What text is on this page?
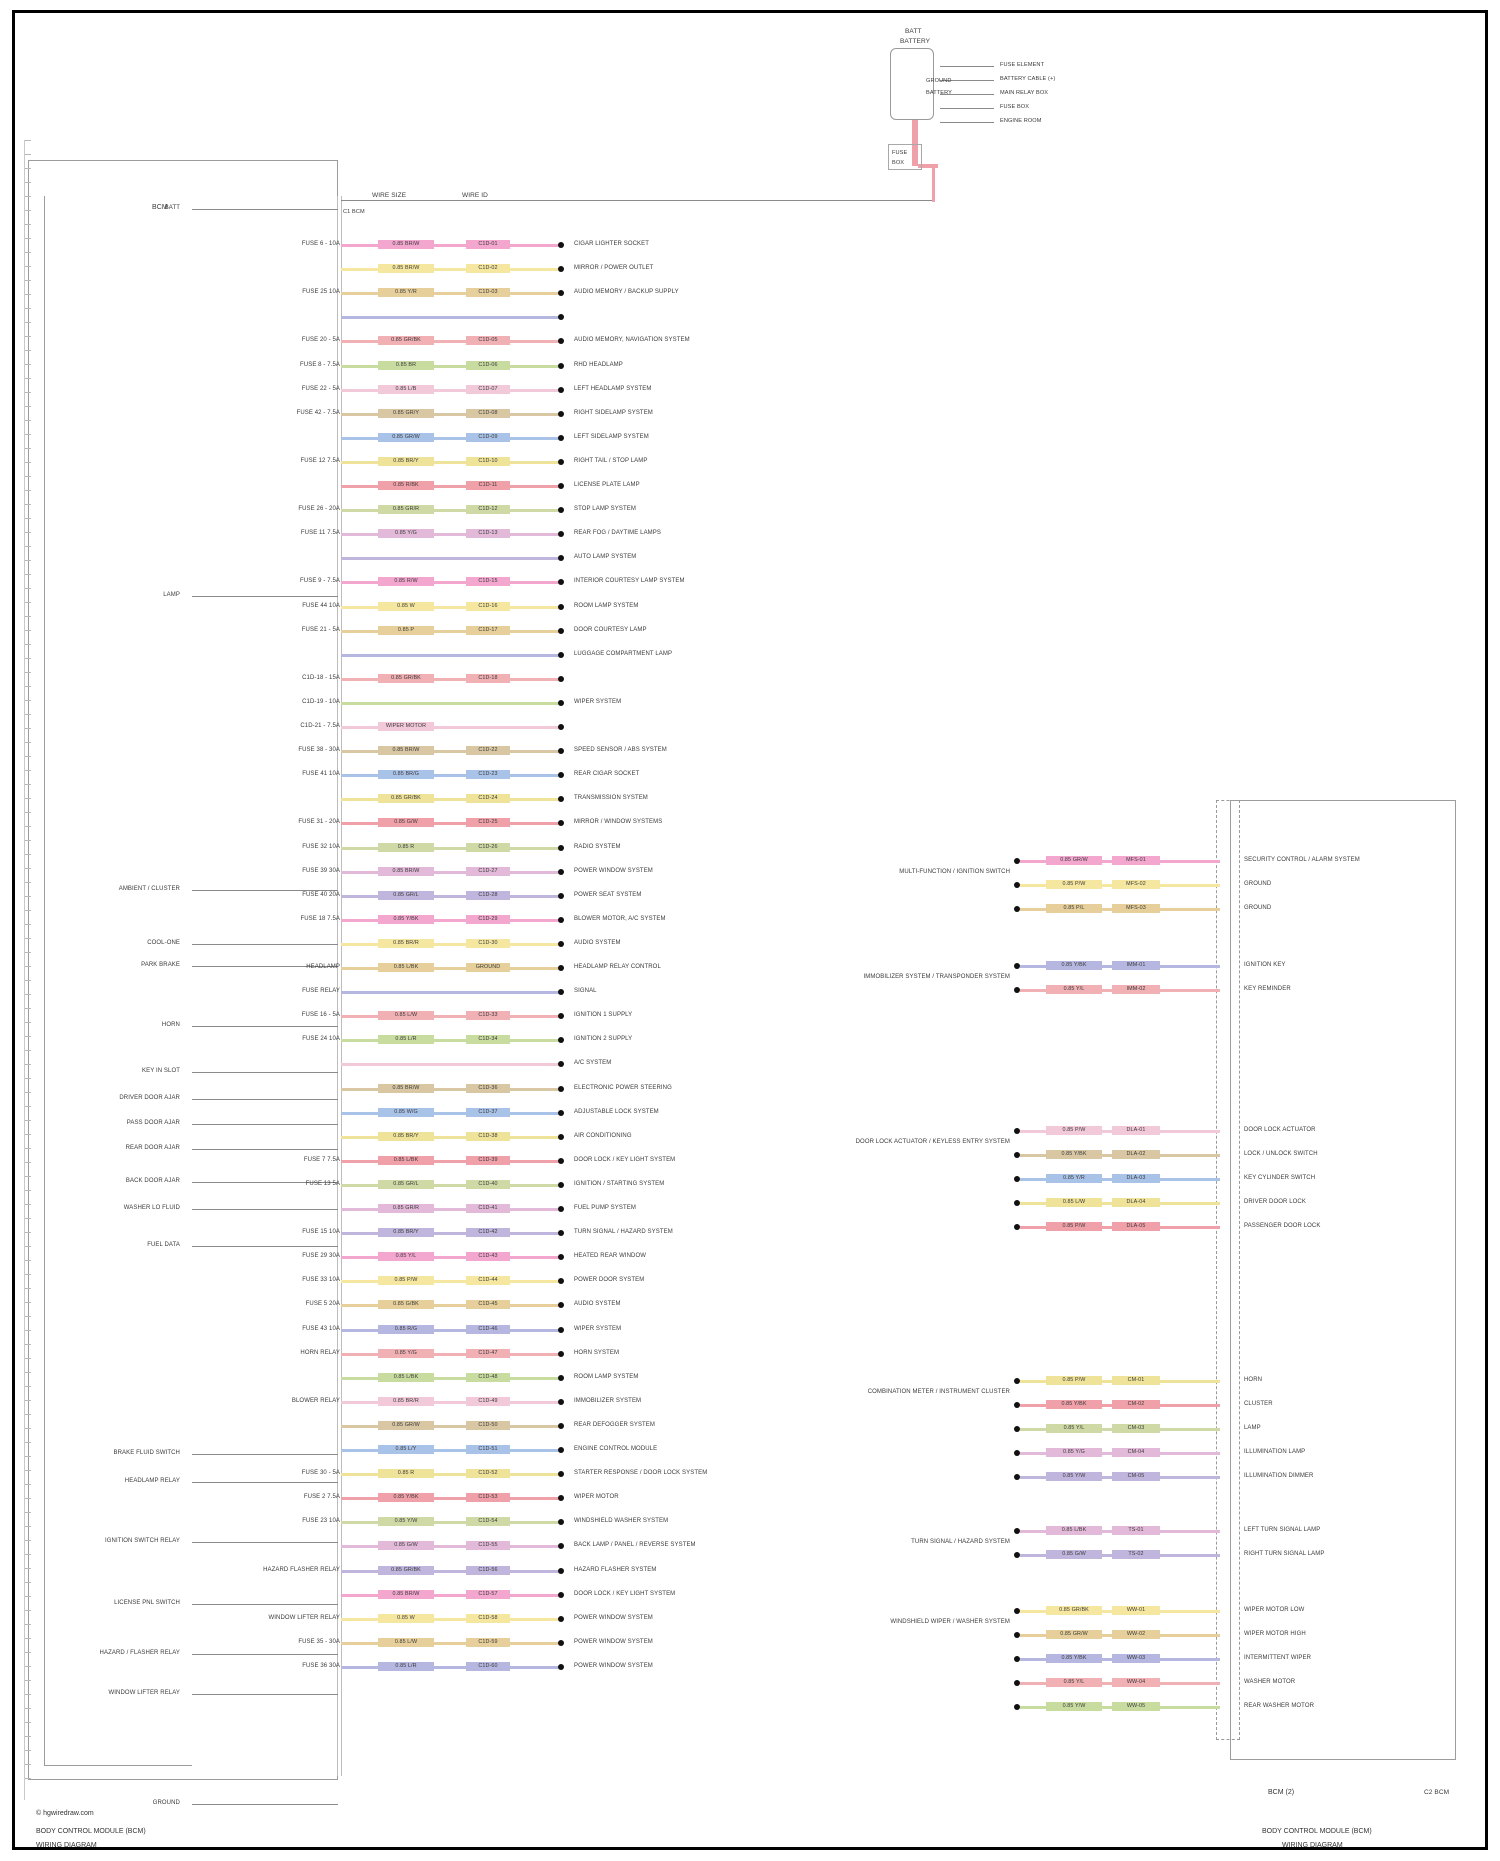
BCM
BATT
LAMP
AMBIENT / CLUSTER
COOL-ONE
PARK BRAKE
HORN
KEY IN SLOT
DRIVER DOOR AJAR
PASS DOOR AJAR
REAR DOOR AJAR
BACK DOOR AJAR
WASHER LO FLUID
FUEL DATA
BRAKE FLUID SWITCH
HEADLAMP RELAY
IGNITION SWITCH RELAY
LICENSE PNL SWITCH
HAZARD / FLASHER RELAY
WINDOW LIFTER RELAY
GROUND
FUSE 6 - 10A	0.85 BR/W	C1D-01	CIGAR LIGHTER SOCKET
0.85 BR/W	C1D-02	MIRROR / POWER OUTLET
FUSE 25 10A	0.85 Y/R	C1D-03	AUDIO MEMORY / BACKUP SUPPLY
FUSE 20 - 5A	0.85 GR/BK	C1D-05	AUDIO MEMORY, NAVIGATION SYSTEM
FUSE 8 - 7.5A	0.85 BR	C1D-06	RHD HEADLAMP
FUSE 22 - 5A	0.85 L/B	C1D-07	LEFT HEADLAMP SYSTEM
FUSE 42 - 7.5A	0.85 GR/Y	C1D-08	RIGHT SIDELAMP SYSTEM
0.85 GR/W	C1D-09	LEFT SIDELAMP SYSTEM
FUSE 12 7.5A	0.85 BR/Y	C1D-10	RIGHT TAIL / STOP LAMP
0.85 R/BK	C1D-11	LICENSE PLATE LAMP
FUSE 26 - 20A	0.85 GR/R	C1D-12	STOP LAMP SYSTEM
FUSE 11 7.5A	0.85 Y/G	C1D-13	REAR FOG / DAYTIME LAMPS
AUTO LAMP SYSTEM
FUSE 9 - 7.5A	0.85 R/W	C1D-15	INTERIOR COURTESY LAMP SYSTEM
FUSE 44 10A	0.85 W	C1D-16	ROOM LAMP SYSTEM
FUSE 21 - 5A	0.85 P	C1D-17	DOOR COURTESY LAMP
LUGGAGE COMPARTMENT LAMP
C1D-18 - 15A	0.85 GR/BK	C1D-18
C1D-19 - 10A	WIPER SYSTEM
C1D-21 - 7.5A	WIPER MOTOR
FUSE 38 - 30A	0.85 BR/W	C1D-22	SPEED SENSOR / ABS SYSTEM
FUSE 41 10A	0.85 BR/G	C1D-23	REAR CIGAR SOCKET
0.85 GR/BK	C1D-24	TRANSMISSION SYSTEM
FUSE 31 - 20A	0.85 G/W	C1D-25	MIRROR / WINDOW SYSTEMS
FUSE 32 10A	0.85 R	C1D-26	RADIO SYSTEM
FUSE 39 30A	0.85 BR/W	C1D-27	POWER WINDOW SYSTEM
FUSE 40 20A	0.85 GR/L	C1D-28	POWER SEAT SYSTEM
FUSE 18 7.5A	0.85 Y/BK	C1D-29	BLOWER MOTOR, A/C SYSTEM
0.85 BR/R	C1D-30	AUDIO SYSTEM
HEADLAMP	0.85 L/BK	GROUND	HEADLAMP RELAY CONTROL
FUSE RELAY	SIGNAL
FUSE 16 - 5A	0.85 L/W	C1D-33	IGNITION 1 SUPPLY
FUSE 24 10A	0.85 L/R	C1D-34	IGNITION 2 SUPPLY
A/C SYSTEM
0.85 BR/W	C1D-36	ELECTRONIC POWER STEERING
0.85 W/G	C1D-37	ADJUSTABLE LOCK SYSTEM
0.85 BR/Y	C1D-38	AIR CONDITIONING
FUSE 7 7.5A	0.85 L/BK	C1D-39	DOOR LOCK / KEY LIGHT SYSTEM
FUSE 13 5A	0.85 GR/L	C1D-40	IGNITION / STARTING SYSTEM
0.85 GR/R	C1D-41	FUEL PUMP SYSTEM
FUSE 15 10A	0.85 BR/Y	C1D-42	TURN SIGNAL / HAZARD SYSTEM
FUSE 29 30A	0.85 Y/L	C1D-43	HEATED REAR WINDOW
FUSE 33 10A	0.85 P/W	C1D-44	POWER DOOR SYSTEM
FUSE 5 20A	0.85 G/BK	C1D-45	AUDIO SYSTEM
FUSE 43 10A	0.85 R/G	C1D-46	WIPER SYSTEM
HORN RELAY	0.85 Y/G	C1D-47	HORN SYSTEM
0.85 L/BK	C1D-48	ROOM LAMP SYSTEM
BLOWER RELAY	0.85 BR/R	C1D-49	IMMOBILIZER SYSTEM
0.85 GR/W	C1D-50	REAR DEFOGGER SYSTEM
0.85 L/Y	C1D-51	ENGINE CONTROL MODULE
FUSE 30 - 5A	0.85 R	C1D-52	STARTER RESPONSE / DOOR LOCK SYSTEM
FUSE 2 7.5A	0.85 Y/BK	C1D-53	WIPER MOTOR
FUSE 23 10A	0.85 Y/W	C1D-54	WINDSHIELD WASHER SYSTEM
0.85 G/W	C1D-55	BACK LAMP / PANEL / REVERSE SYSTEM
HAZARD FLASHER RELAY	0.85 GR/BK	C1D-56	HAZARD FLASHER SYSTEM
0.85 BR/W	C1D-57	DOOR LOCK / KEY LIGHT SYSTEM
WINDOW LIFTER RELAY	0.85 W	C1D-58	POWER WINDOW SYSTEM
FUSE 35 - 30A	0.85 L/W	C1D-59	POWER WINDOW SYSTEM
FUSE 36 30A	0.85 L/R	C1D-60	POWER WINDOW SYSTEM
C2 BCM
MULTI-FUNCTION / IGNITION SWITCH
0.85 GR/W	MFS-01	SECURITY CONTROL / ALARM SYSTEM
0.85 P/W	MFS-02	GROUND
0.85 P/L	MFS-03	GROUND
IMMOBILIZER SYSTEM / TRANSPONDER SYSTEM
0.85 Y/BK	IMM-01	IGNITION KEY
0.85 Y/L	IMM-02	KEY REMINDER
DOOR LOCK ACTUATOR / KEYLESS ENTRY SYSTEM
0.85 P/W	DLA-01	DOOR LOCK ACTUATOR
0.85 Y/BK	DLA-02	LOCK / UNLOCK SWITCH
0.85 Y/R	DLA-03	KEY CYLINDER SWITCH
0.85 L/W	DLA-04	DRIVER DOOR LOCK
0.85 P/W	DLA-05	PASSENGER DOOR LOCK
COMBINATION METER / INSTRUMENT CLUSTER
0.85 P/W	CM-01	HORN
0.85 Y/BK	CM-02	CLUSTER
0.85 Y/L	CM-03	LAMP
0.85 Y/G	CM-04	ILLUMINATION LAMP
0.85 Y/W	CM-05	ILLUMINATION DIMMER
TURN SIGNAL / HAZARD SYSTEM
0.85 L/BK	TS-01	LEFT TURN SIGNAL LAMP
0.85 G/W	TS-02	RIGHT TURN SIGNAL LAMP
WINDSHIELD WIPER / WASHER SYSTEM
0.85 GR/BK	WW-01	WIPER MOTOR LOW
0.85 GR/W	WW-02	WIPER MOTOR HIGH
0.85 Y/BK	WW-03	INTERMITTENT WIPER
0.85 Y/L	WW-04	WASHER MOTOR
0.85 Y/W	WW-05	REAR WASHER MOTOR
BATT
BATTERY
GROUND
BATTERY
FUSE
BOX
FUSE ELEMENT
BATTERY CABLE (+)
MAIN RELAY BOX
FUSE BOX
ENGINE ROOM
WIRE SIZE	WIRE ID
C1 BCM
© hgwiredraw.com
BODY CONTROL MODULE (BCM)
WIRING DIAGRAM
BCM (2)
BODY CONTROL MODULE (BCM)
WIRING DIAGRAM
